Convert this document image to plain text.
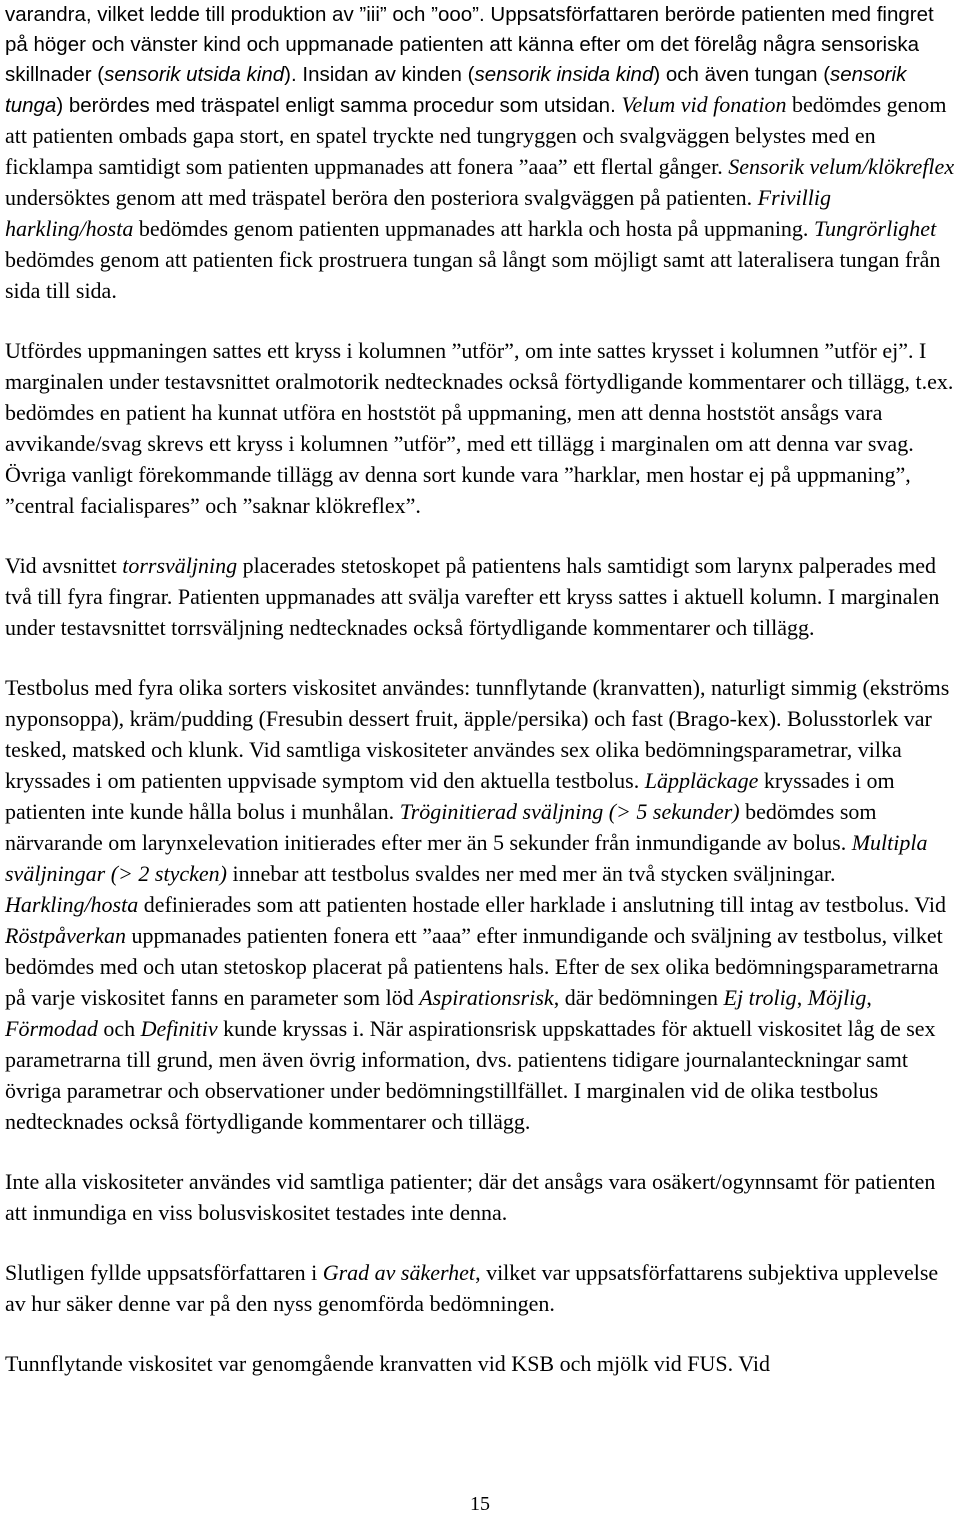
varandra, vilket ledde till produktion av ”iii” och ”ooo”. Uppsatsförfattaren berörde patienten med fingret på höger och vänster kind och uppmanade patienten att känna efter om det förelåg några sensoriska skillnader (sensorik utsida kind). Insidan av kinden (sensorik insida kind) och även tungan (sensorik tunga) berördes med träspatel enligt samma procedur som utsidan. Velum vid fonation bedömdes genom att patienten ombads gapa stort, en spatel tryckte ned tungryggen och svalgväggen belystes med en ficklampa samtidigt som patienten uppmanades att fonera ”aaa” ett flertal gånger. Sensorik velum/klökreflex undersöktes genom att med träspatel beröra den posteriora svalgväggen på patienten. Frivillig harkling/hosta bedömdes genom patienten uppmanades att harkla och hosta på uppmaning. Tungrörlighet bedömdes genom att patienten fick prostruera tungan så långt som möjligt samt att lateralisera tungan från sida till sida.

Utfördes uppmaningen sattes ett kryss i kolumnen ”utför”, om inte sattes krysset i kolumnen ”utför ej”. I marginalen under testavsnittet oralmotorik nedtecknades också förtydligande kommentarer och tillägg, t.ex. bedömdes en patient ha kunnat utföra en hoststöt på uppmaning, men att denna hoststöt ansågs vara avvikande/svag skrevs ett kryss i kolumnen ”utför”, med ett tillägg i marginalen om att denna var svag. Övriga vanligt förekommande tillägg av denna sort kunde vara ”harklar, men hostar ej på uppmaning”, ”central facialispares” och ”saknar klökreflex”.

Vid avsnittet torrsväljning placerades stetoskopet på patientens hals samtidigt som larynx palperades med två till fyra fingrar. Patienten uppmanades att svälja varefter ett kryss sattes i aktuell kolumn. I marginalen under testavsnittet torrsväljning nedtecknades också förtydligande kommentarer och tillägg.

Testbolus med fyra olika sorters viskositet användes: tunnflytande (kranvatten), naturligt simmig (ekströms nyponsoppa), kräm/pudding (Fresubin dessert fruit, äpple/persika) och fast (Brago-kex). Bolusstorlek var tesked, matsked och klunk. Vid samtliga viskositeter användes sex olika bedömningsparametrar, vilka kryssades i om patienten uppvisade symptom vid den aktuella testbolus. Läppläckage kryssades i om patienten inte kunde hålla bolus i munhålan. Tröginitierad sväljning (> 5 sekunder) bedömdes som närvarande om larynxelevation initierades efter mer än 5 sekunder från inmundigande av bolus. Multipla sväljningar (> 2 stycken) innebar att testbolus svaldes ner med mer än två stycken sväljningar. Harkling/hosta definierades som att patienten hostade eller harklade i anslutning till intag av testbolus. Vid Röstpåverkan uppmanades patienten fonera ett ”aaa” efter inmundigande och sväljning av testbolus, vilket bedömdes med och utan stetoskop placerat på patientens hals. Efter de sex olika bedömningsparametrarna på varje viskositet fanns en parameter som löd Aspirationsrisk, där bedömningen Ej trolig, Möjlig, Förmodad och Definitiv kunde kryssas i. När aspirationsrisk uppskattades för aktuell viskositet låg de sex parametrarna till grund, men även övrig information, dvs. patientens tidigare journalanteckningar samt övriga parametrar och observationer under bedömningstillfället. I marginalen vid de olika testbolus nedtecknades också förtydligande kommentarer och tillägg.

Inte alla viskositeter användes vid samtliga patienter; där det ansågs vara osäkert/ogynnsamt för patienten att inmundiga en viss bolusviskositet testades inte denna.

Slutligen fyllde uppsatsförfattaren i Grad av säkerhet, vilket var uppsatsförfattarens subjektiva upplevelse av hur säker denne var på den nyss genomförda bedömningen.

Tunnflytande viskositet var genomgående kranvatten vid KSB och mjölk vid FUS. Vid

15
